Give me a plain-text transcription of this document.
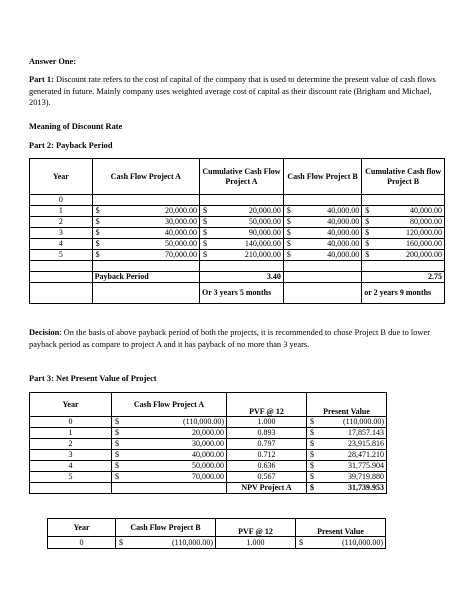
Answer One:

Part 1: Discount rate refers to the cost of capital of the company that is used to determine the present value of cash flows generated in future. Mainly company uses weighted average cost of capital as their discount rate (Brigham and Michael, 2013).

Meaning of Discount Rate

Part 2: Payback Period

Year	Cash Flow Project A	Cumulative Cash Flow Project A	Cash Flow Project B	Cumulative Cash flow Project B
0				
1	$ 20,000.00	$ 20,000.00	$ 40,000.00	$ 40,000.00

2	$ 30,000.00	$ 50,000.00	$ 40,000.00	$ 80,000.00

3	$ 40,000.00	$ 90,000.00	$ 40,000.00	$ 120,000.00

4	$ 50,000.00	$ 140,000.00	$ 40,000.00	$ 160,000.00

5	$ 70,000.00	$ 210,000.00	$ 40,000.00	$ 200,000.00

	Payback Period	3.40		2.75
		Or 3 years 5 months		or 2 years 9 months

Decision: On the basis of above payback period of both the projects, it is recommended to chose Project B due to lower payback period as compare to project A and it has payback of no more than 3 years.

Part 3: Net Present Value of Project

Year	Cash Flow Project A	PVF @ 12	Present Value
0	$ (110,000.00)	1.000	$ (110,000.00)

1	$ 20,000.00	0.893	$ 17,857.143

2	$ 30,000.00	0.797	$ 23,915.816

3	$ 40,000.00	0.712	$ 28,471.210

4	$ 50,000.00	0.636	$ 31,775.904

5	$ 70,000.00	0.567	$ 39,719.880

		NPV Project A	$ 31,739.953
Year	Cash Flow Project B	PVF @ 12	Present Value
0	$ (110,000.00)	1.000	$ (110,000.00)
